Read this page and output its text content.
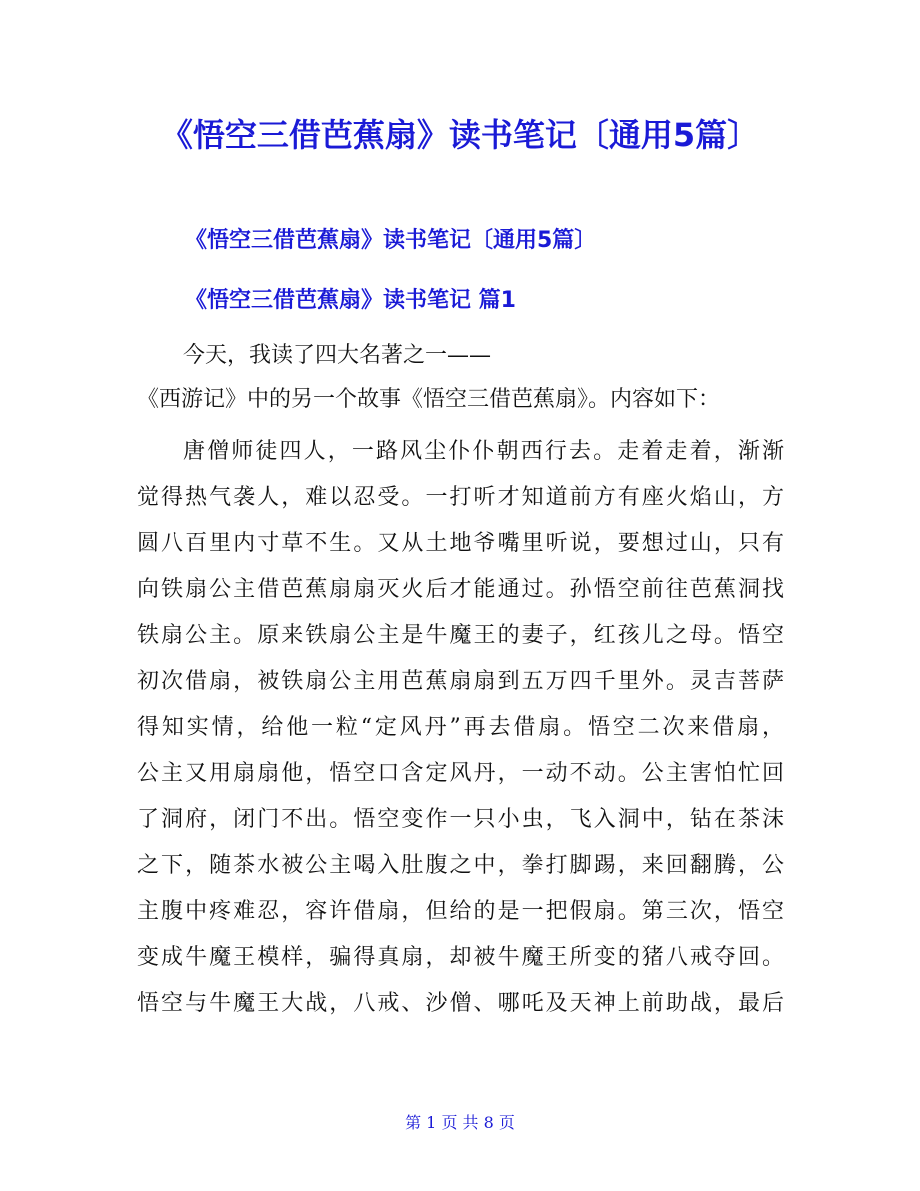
《悟空三借芭蕉扇》读书笔记〔通用5篇〕
《悟空三借芭蕉扇》读书笔记〔通用5篇〕
《悟空三借芭蕉扇》读书笔记 篇1
今天，我读了四大名著之一——
《西游记》中的另一个故事《悟空三借芭蕉扇》。内容如下：
唐僧师徒四人，一路风尘仆仆朝西行去。走着走着，渐渐
觉得热气袭人，难以忍受。一打听才知道前方有座火焰山，方
圆八百里内寸草不生。又从土地爷嘴里听说，要想过山，只有
向铁扇公主借芭蕉扇扇灭火后才能通过。孙悟空前往芭蕉洞找
铁扇公主。原来铁扇公主是牛魔王的妻子，红孩儿之母。悟空
初次借扇，被铁扇公主用芭蕉扇扇到五万四千里外。灵吉菩萨
得知实情，给他一粒“定风丹”再去借扇。悟空二次来借扇，
公主又用扇扇他，悟空口含定风丹，一动不动。公主害怕忙回
了洞府，闭门不出。悟空变作一只小虫，飞入洞中，钻在茶沫
之下，随茶水被公主喝入肚腹之中，拳打脚踢，来回翻腾，公
主腹中疼难忍，容许借扇，但给的是一把假扇。第三次，悟空
变成牛魔王模样，骗得真扇，却被牛魔王所变的猪八戒夺回。
悟空与牛魔王大战，八戒、沙僧、哪吒及天神上前助战，最后
第 1 页 共 8 页
